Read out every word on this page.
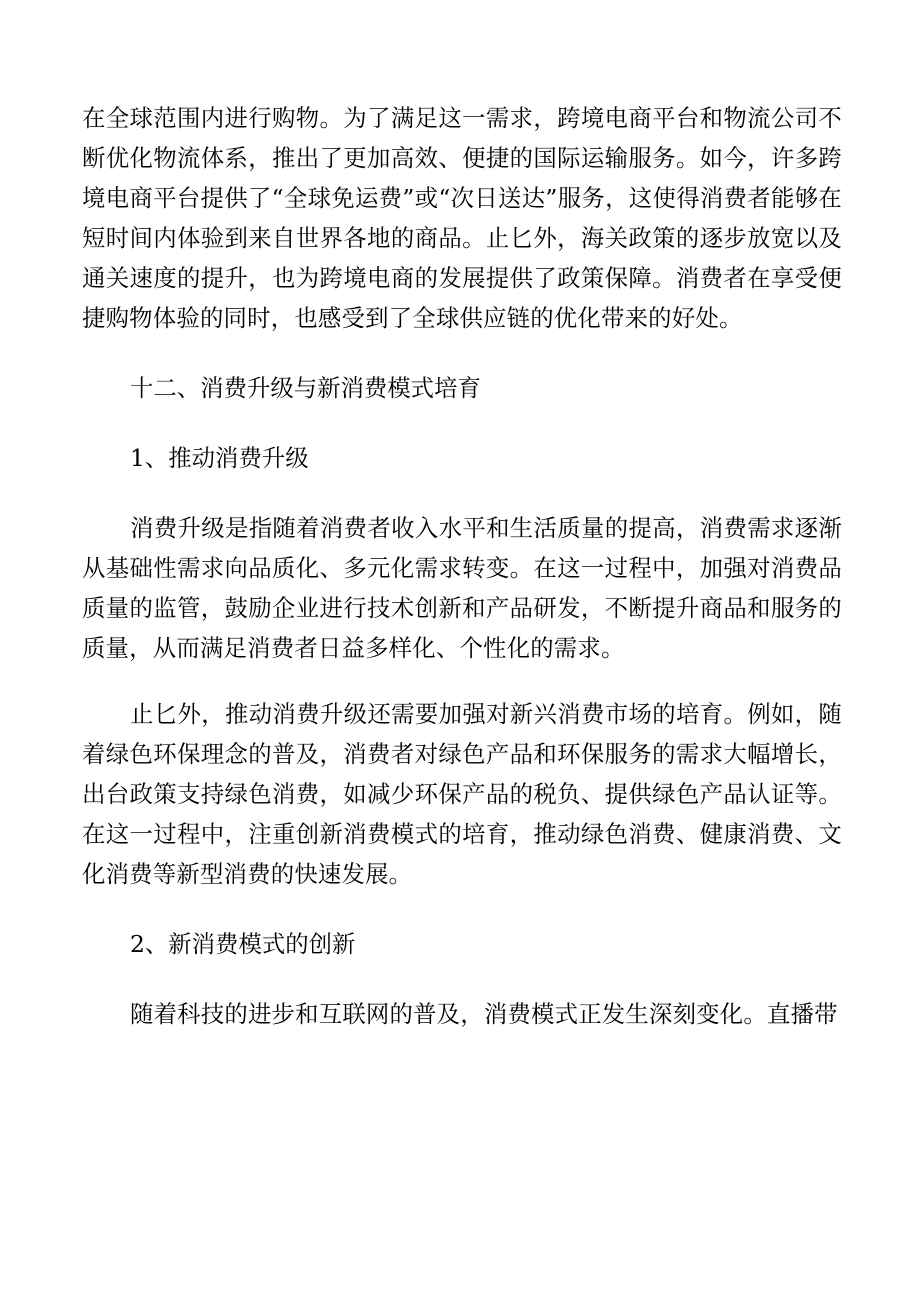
在全球范围内进行购物。为了满足这一需求，跨境电商平台和物流公司不断优化物流体系，推出了更加高效、便捷的国际运输服务。如今，许多跨境电商平台提供了“全球免运费”或“次日送达”服务，这使得消费者能够在短时间内体验到来自世界各地的商品。止匕外，海关政策的逐步放宽以及通关速度的提升，也为跨境电商的发展提供了政策保障。消费者在享受便捷购物体验的同时，也感受到了全球供应链的优化带来的好处。

十二、消费升级与新消费模式培育

1、推动消费升级

消费升级是指随着消费者收入水平和生活质量的提高，消费需求逐渐从基础性需求向品质化、多元化需求转变。在这一过程中，加强对消费品质量的监管，鼓励企业进行技术创新和产品研发，不断提升商品和服务的质量，从而满足消费者日益多样化、个性化的需求。

止匕外，推动消费升级还需要加强对新兴消费市场的培育。例如，随着绿色环保理念的普及，消费者对绿色产品和环保服务的需求大幅增长，出台政策支持绿色消费，如减少环保产品的税负、提供绿色产品认证等。在这一过程中，注重创新消费模式的培育，推动绿色消费、健康消费、文化消费等新型消费的快速发展。

2、新消费模式的创新

随着科技的进步和互联网的普及，消费模式正发生深刻变化。直播带
